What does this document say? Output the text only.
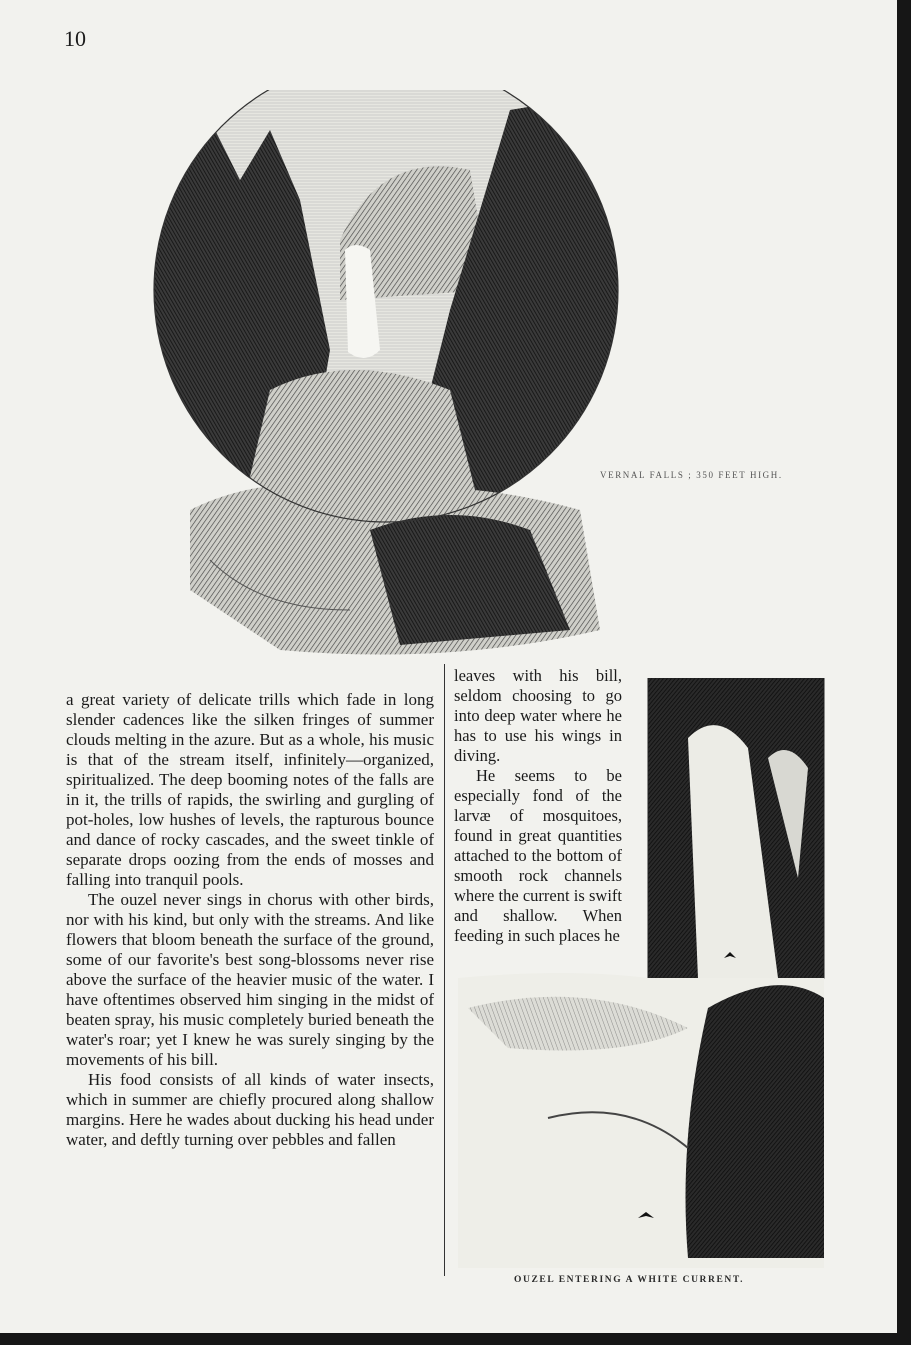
10
VERNAL FALLS ; 350 FEET HIGH.

a great variety of delicate trills which fade in long slender cadences like the silken fringes of summer clouds melting in the azure. But as a whole, his music is that of the stream itself, infinitely—organized, spiritualized. The deep booming notes of the falls are in it, the trills of rapids, the swirling and gurgling of pot-holes, low hushes of levels, the rapturous bounce and dance of rocky cascades, and the sweet tinkle of separate drops oozing from the ends of mosses and falling into tranquil pools.

The ouzel never sings in chorus with other birds, nor with his kind, but only with the streams. And like flowers that bloom beneath the surface of the ground, some of our favorite's best song-blossoms never rise above the surface of the heavier music of the water. I have oftentimes observed him singing in the midst of beaten spray, his music completely buried beneath the water's roar; yet I knew he was surely singing by the movements of his bill.

His food consists of all kinds of water insects, which in summer are chiefly procured along shallow margins. Here he wades about ducking his head under water, and deftly turning over pebbles and fallen

leaves with his bill, seldom choosing to go into deep water where he has to use his wings in diving.

He seems to be especially fond of the larvæ of mosquitoes, found in great quantities attached to the bottom of smooth rock channels where the current is swift and shallow. When feeding in such places he

OUZEL ENTERING A WHITE CURRENT.
